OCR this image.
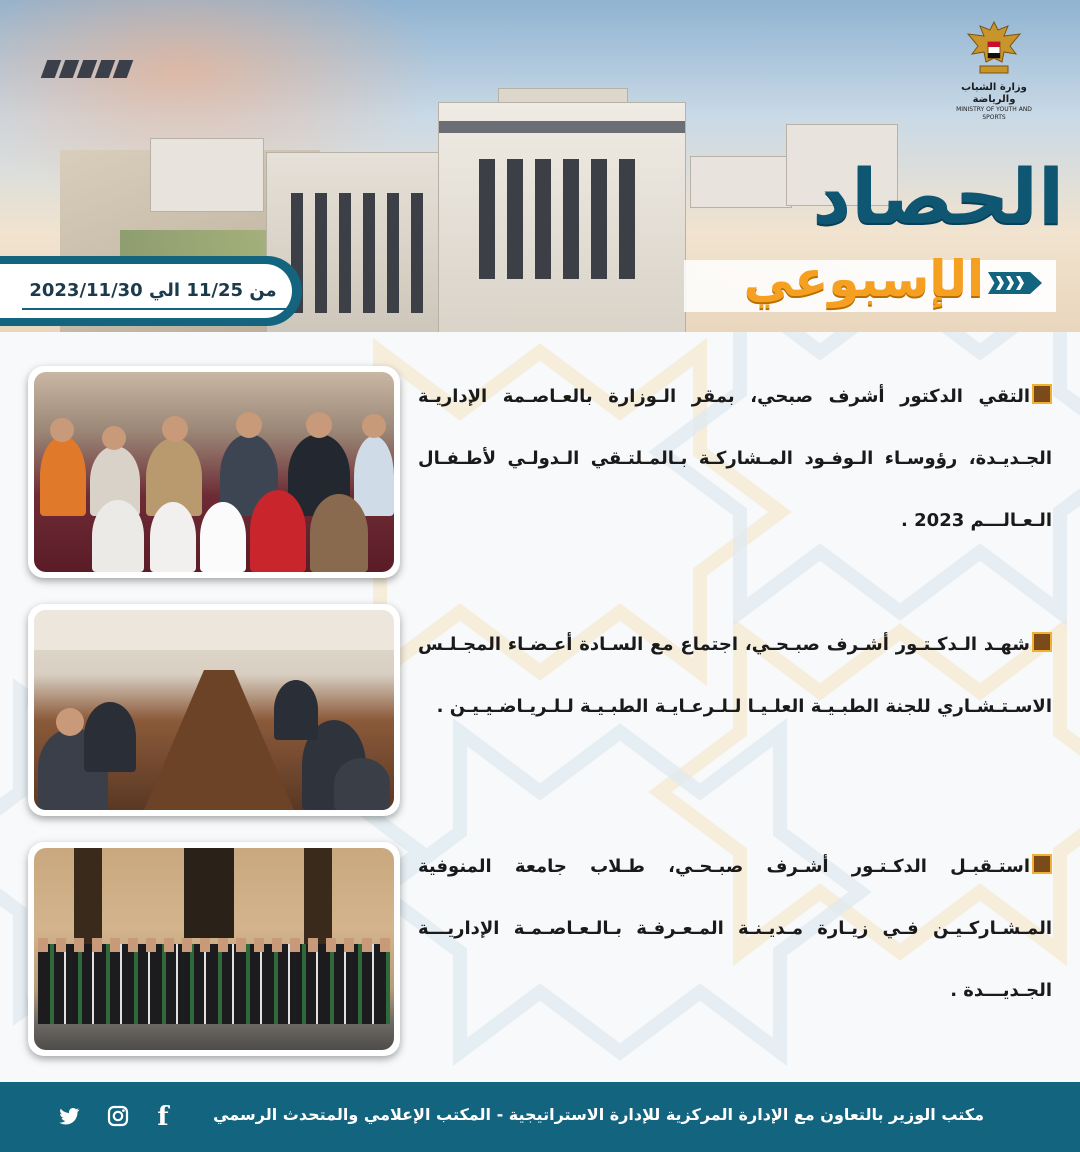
وزارة الشباب والرياضة
MINISTRY OF YOUTH AND SPORTS
الحصاد
الإسبوعي
من 11/25 الي 2023/11/30

التقي الدكتور أشرف صبحي، بمقر الـوزارة بالعـاصـمة الإداريـة الجـديـدة، رؤوسـاء الـوفـود المـشاركـة بـالمـلتـقي الـدولـي لأطـفـال الـعـالـــم 2023 .

شهـد الـدكـتـور أشـرف صبـحـي، اجتماع مع السـادة أعـضـاء المجـلـس الاسـتـشـاري للجنة الطبـيـة العلـيـا لـلـرعـايـة الطبـيـة لـلـريـاضـيـيـن .

استـقبـل الدكـتـور أشـرف صبـحـي، طـلاب جامعة المنوفية المـشـاركـيـن فـي زيـارة مـديـنـة المـعـرفـة بـالـعـاصـمـة الإداريـــة الجـديـــدة .

مكتب الوزير بالتعاون مع الإدارة المركزية للإدارة الاستراتيجية - المكتب الإعلامي والمتحدث الرسمي
f
